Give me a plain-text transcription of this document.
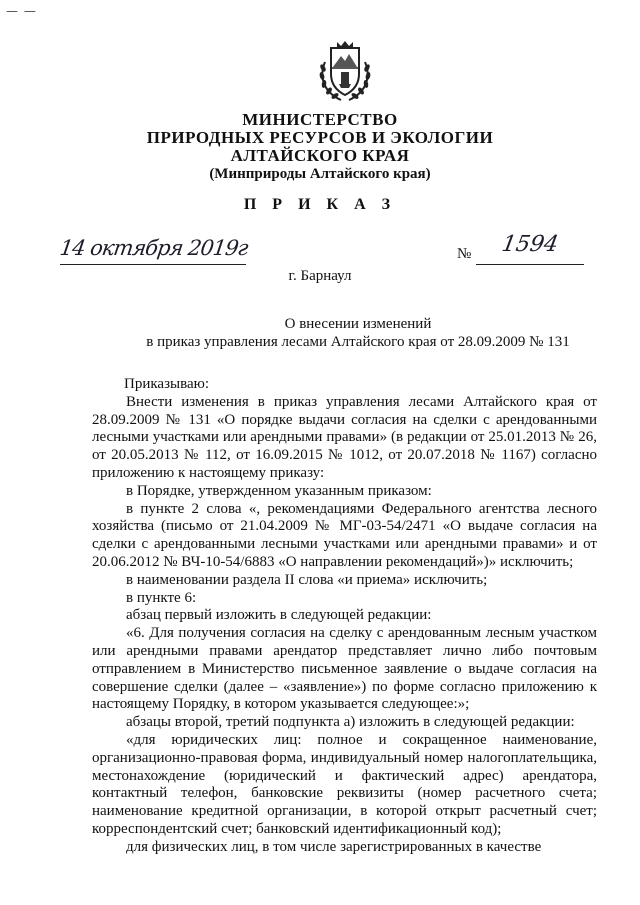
— —
МИНИСТЕРСТВО
ПРИРОДНЫХ РЕСУРСОВ И ЭКОЛОГИИ
АЛТАЙСКОГО КРАЯ
(Минприроды Алтайского края)
П Р И К А З
14 октября 2019г	№ 1594
г. Барнаул
О внесении изменений
в приказ управления лесами Алтайского края от 28.09.2009 № 131

Приказываю:

Внести изменения в приказ управления лесами Алтайского края от 28.09.2009 № 131 «О порядке выдачи согласия на сделки с арендованными лесными участками или арендными правами» (в редакции от 25.01.2013 № 26, от 20.05.2013 № 112, от 16.09.2015 № 1012, от 20.07.2018 № 1167) согласно приложению к настоящему приказу:

в Порядке, утвержденном указанным приказом:

в пункте 2 слова «, рекомендациями Федерального агентства лесного хозяйства (письмо от 21.04.2009 № МГ-03-54/2471 «О выдаче согласия на сделки с арендованными лесными участками или арендными правами» и от 20.06.2012 № ВЧ-10-54/6883 «О направлении рекомендаций»)» исключить;

в наименовании раздела II слова «и приема» исключить;

в пункте 6:

абзац первый изложить в следующей редакции:

«6. Для получения согласия на сделку с арендованным лесным участком или арендными правами арендатор представляет лично либо почтовым отправлением в Министерство письменное заявление о выдаче согласия на совершение сделки (далее – «заявление») по форме согласно приложению к настоящему Порядку, в котором указывается следующее:»;

абзацы второй, третий подпункта а) изложить в следующей редакции:

«для юридических лиц: полное и сокращенное наименование, организационно-правовая форма, индивидуальный номер налогоплательщика, местонахождение (юридический и фактический адрес) арендатора, контактный телефон, банковские реквизиты (номер расчетного счета; наименование кредитной организации, в которой открыт расчетный счет; корреспондентский счет; банковский идентификационный код);

для физических лиц, в том числе зарегистрированных в качестве
